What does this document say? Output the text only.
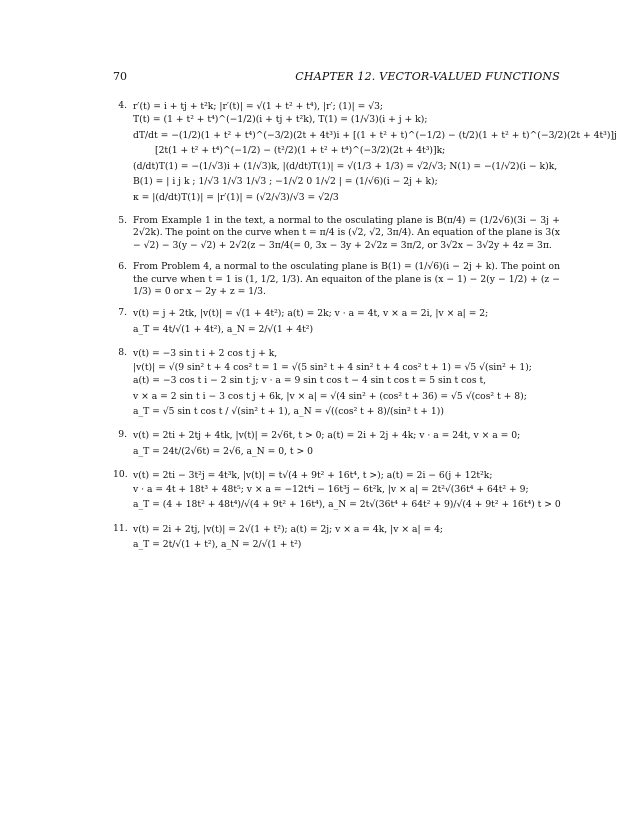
70	CHAPTER 12. VECTOR-VALUED FUNCTIONS
4. r′(t) = i + tj + t²k; |r′(t)| = √(1 + t² + t⁴), |r′; (1)| = √3;
T(t) = (1 + t² + t⁴)^(−1/2)(i + tj + t²k), T(1) = (1/√3)(i + j + k);
dT/dt = −(1/2)(1 + t² + t⁴)^(−3/2)(2t + 4t³)i + [(1 + t² + t)^(−1/2) − (t/2)(1 + t² + t)^(−3/2)(2t + 4t³)]j
[2t(1 + t² + t⁴)^(−1/2) − (t²/2)(1 + t² + t⁴)^(−3/2)(2t + 4t³)]k;
(d/dt)T(1) = −(1/√3)i + (1/√3)k, |(d/dt)T(1)| = √(1/3 + 1/3) = √2/√3; N(1) = −(1/√2)(i − k)k,
B(1) = | i j k ; 1/√3 1/√3 1/√3 ; −1/√2 0 1/√2 | = (1/√6)(i − 2j + k);
κ = |(d/dt)T(1)| = |r′(1)| = (√2/√3)/√3 = √2/3
5. From Example 1 in the text, a normal to the osculating plane is B(π/4) = (1/2√6)(3i − 3j + 2√2k). The point on the curve when t = π/4 is (√2, √2, 3π/4). An equation of the plane is 3(x − √2) − 3(y − √2) + 2√2(z − 3π/4(= 0, 3x − 3y + 2√2z = 3π/2, or 3√2x − 3√2y + 4z = 3π.
6. From Problem 4, a normal to the osculating plane is B(1) = (1/√6)(i − 2j + k). The point on the curve when t = 1 is (1, 1/2, 1/3). An equaiton of the plane is (x − 1) − 2(y − 1/2) + (z − 1/3) = 0 or x − 2y + z = 1/3.
7. v(t) = j + 2tk, |v(t)| = √(1 + 4t²); a(t) = 2k; v · a = 4t, v × a = 2i, |v × a| = 2;
a_T = 4t/√(1 + 4t²), a_N = 2/√(1 + 4t²)
8. v(t) = −3 sin t i + 2 cos t j + k,
|v(t)| = √(9 sin² t + 4 cos² t = 1 = √(5 sin² t + 4 sin² t + 4 cos² t + 1) = √5 √(sin² + 1);
a(t) = −3 cos t i − 2 sin t j; v · a = 9 sin t cos t − 4 sin t cos t = 5 sin t cos t,
v × a = 2 sin t i − 3 cos t j + 6k, |v × a| = √(4 sin² + (cos² t + 36) = √5 √(cos² t + 8);
a_T = √5 sin t cos t / √(sin² t + 1), a_N = √((cos² t + 8)/(sin² t + 1))
9. v(t) = 2ti + 2tj + 4tk, |v(t)| = 2√6t, t > 0; a(t) = 2i + 2j + 4k; v · a = 24t, v × a = 0;
a_T = 24t/(2√6t) = 2√6, a_N = 0, t > 0
10. v(t) = 2ti − 3t²j = 4t³k, |v(t)| = t√(4 + 9t² + 16t⁴, t >); a(t) = 2i − 6(j + 12t²k;
v · a = 4t + 18t³ + 48t⁵; v × a = −12t⁴i − 16t³j − 6t²k, |v × a| = 2t²√(36t⁴ + 64t² + 9;
a_T = (4 + 18t² + 48t⁴)/√(4 + 9t² + 16t⁴), a_N = 2t√(36t⁴ + 64t² + 9)/√(4 + 9t² + 16t⁴) t > 0
11. v(t) = 2i + 2tj, |v(t)| = 2√(1 + t²); a(t) = 2j; v × a = 4k, |v × a| = 4;
a_T = 2t/√(1 + t²), a_N = 2/√(1 + t²)
